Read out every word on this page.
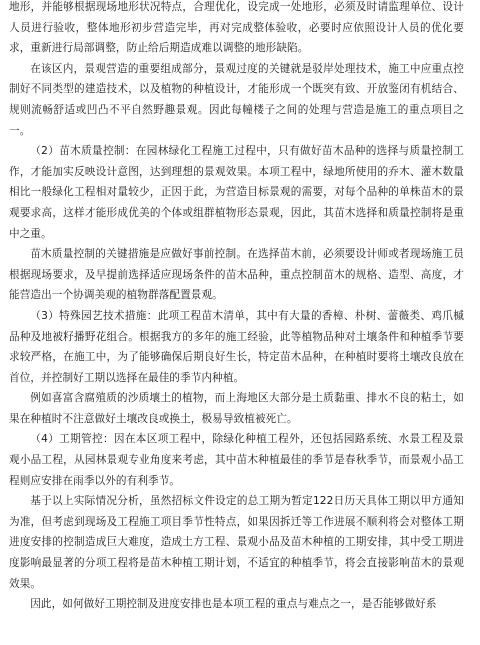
地形，并能够根据现场地形状况特点，合理优化，设完成一处地形，必须及时请监理单位、设计人员进行验收，整体地形初步营造完毕，再对完成整体验收，必要时应依照设计人员的优化要求，重新进行局部调整，防止给后期造成难以调整的地形缺陷。

在该区内，景观营造的重要组成部分，景观过度的关键就是驳岸处理技术，施工中应重点控制好不同类型的建造技术，以及植物的种植设计，才能形成一个既突有致、开放鉴闭有机结合、规则流畅舒适或凹凸不平自然野趣景观。因此每幢楼子之间的处理与营造是施工的重点项目之一。

（2）苗木质量控制：在园林绿化工程施工过程中，只有做好苗木品种的选择与质量控制工作，才能加实反映设计意图，达到理想的景观效果。本项工程中，绿地所使用的乔木、灌木数量相比一般绿化工程相对量较少，正因于此，为营造目标景观的需要，对每个品种的单株苗木的景观要求高，这样才能形成优美的个体或组群植物形态景观，因此，其苗木选择和质量控制将是重中之重。

苗木质量控制的关键措施是应做好事前控制。在选择苗木前，必须要设计师或者现场施工员根据现场要求，及早提前选择适应现场条件的苗木品种，重点控制苗木的规格、造型、高度，才能营造出一个协调美观的植物群落配置景观。

（3）特殊园艺技术措施：此项工程苗木清单，其中有大量的香樟、朴树、蕾薇类、鸡爪槭品种及地被籽播野花组合。根据我方的多年的施工经验，此等植物品种对土壤条件和种植季节要求较严格，在施工中，为了能够确保后期良好生长，特定苗木品种，在种植时要将土壤改良放在首位，并控制好工期以选择在最佳的季节内种植。

例如喜富含腐殖质的沙质壤土的植物，而上海地区大部分是土质黏重、排水不良的粘土，如果在种植时不注意做好土壤改良或换土，极易导致植被死亡。

（4）工期管控：因在本区项工程中，除绿化种植工程外，还包括园路系统、水景工程及景观小品工程，从园林景观专业角度来考虑，其中苗木种植最佳的季节是春秋季节，而景观小品工程则应安排在雨季以外的有利季节。

基于以上实际情况分析，虽然招标文件设定的总工期为暂定122日历天具体工期以甲方通知为准，但考虑到现场及工程施工项目季节性特点，如果因拆迁等工作进展不顺利将会对整体工期进度安排的控制造成巨大难度，造成土方工程、景观小品及苗木种植的工期安排，其中受工期进度影响最显著的分项工程将是苗木种植工期计划，不适宜的种植季节，将会直接影响苗木的景观效果。

因此，如何做好工期控制及进度安排也是本项工程的重点与难点之一，是否能够做好系
